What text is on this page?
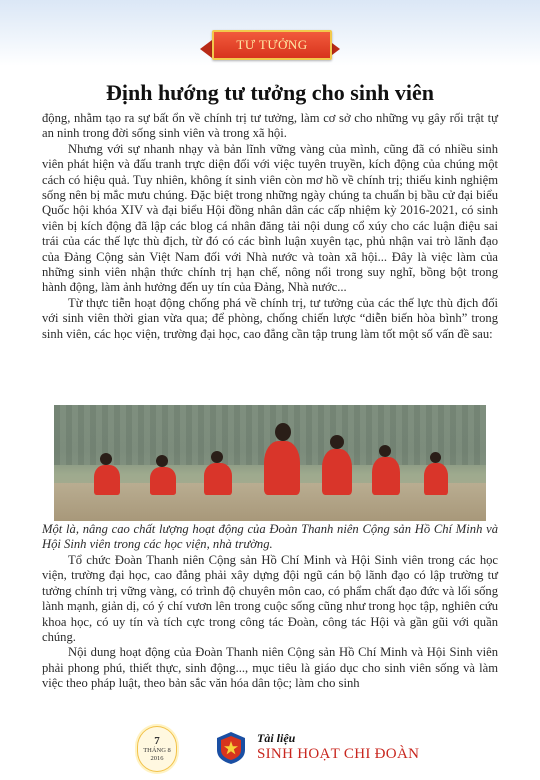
TƯ TƯỞNG
Định hướng tư tưởng cho sinh viên

động, nhằm tạo ra sự bất ổn về chính trị tư tưởng, làm cơ sở cho những vụ gây rối trật tự an ninh trong đời sống sinh viên và trong xã hội.

Nhưng với sự nhanh nhạy và bản lĩnh vững vàng của mình, cũng đã có nhiều sinh viên phát hiện và đấu tranh trực diện đối với việc tuyên truyền, kích động của chúng một cách có hiệu quả. Tuy nhiên, không ít sinh viên còn mơ hồ về chính trị; thiếu kinh nghiệm sống nên bị mắc mưu chúng. Đặc biệt trong những ngày chúng ta chuẩn bị bầu cử đại biểu Quốc hội khóa XIV và đại biểu Hội đồng nhân dân các cấp nhiệm kỳ 2016-2021, có sinh viên bị kích động đã lập các blog cá nhân đăng tải nội dung cổ xúy cho các luận điệu sai trái của các thế lực thù địch, từ đó có các bình luận xuyên tạc, phủ nhận vai trò lãnh đạo của Đảng Cộng sản Việt Nam đối với Nhà nước và toàn xã hội... Đây là việc làm của những sinh viên nhận thức chính trị hạn chế, nông nổi trong suy nghĩ, bồng bột trong hành động, làm ảnh hưởng đến uy tín của Đảng, Nhà nước...

Từ thực tiễn hoạt động chống phá về chính trị, tư tưởng của các thế lực thù địch đối với sinh viên thời gian vừa qua; để phòng, chống chiến lược “diễn biến hòa bình” trong sinh viên, các học viện, trường đại học, cao đẳng cần tập trung làm tốt một số vấn đề sau:

Một là, nâng cao chất lượng hoạt động của Đoàn Thanh niên Cộng sản Hồ Chí Minh và Hội Sinh viên trong các học viện, nhà trường.

Tổ chức Đoàn Thanh niên Cộng sản Hồ Chí Minh và Hội Sinh viên trong các học viện, trường đại học, cao đẳng phải xây dựng đội ngũ cán bộ lãnh đạo có lập trường tư tưởng chính trị vững vàng, có trình độ chuyên môn cao, có phẩm chất đạo đức và lối sống lành mạnh, giản dị, có ý chí vươn lên trong cuộc sống cũng như trong học tập, nghiên cứu khoa học, có uy tín và tích cực trong công tác Đoàn, công tác Hội và gần gũi với quần chúng.

Nội dung hoạt động của Đoàn Thanh niên Cộng sản Hồ Chí Minh và Hội Sinh viên phải phong phú, thiết thực, sinh động..., mục tiêu là giáo dục cho sinh viên sống và làm việc theo pháp luật, theo bản sắc văn hóa dân tộc; làm cho sinh

7
THÁNG 8
2016
Tài liệu
SINH HOẠT CHI ĐOÀN
